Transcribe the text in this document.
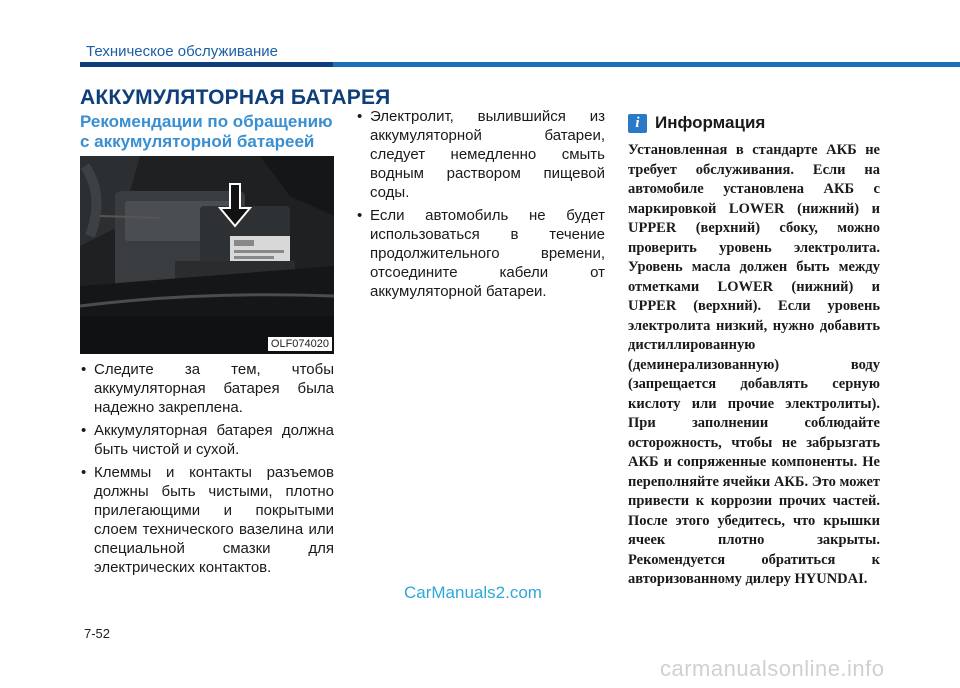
Техническое обслуживание
АККУМУЛЯТОРНАЯ БАТАРЕЯ
Рекомендации по обращению
с аккумуляторной батареей
OLF074020
• Следите за тем, чтобы аккумуляторная батарея была надежно закреплена.
• Аккумуляторная батарея должна быть чистой и сухой.
• Клеммы и контакты разъемов должны быть чистыми, плотно прилегающими и покрытыми слоем технического вазелина или специальной смазки для электрических контактов.
• Электролит, вылившийся из аккумуляторной батареи, следует немедленно смыть водным раствором пищевой соды.
• Если автомобиль не будет использоваться в течение продолжительного времени, отсоедините кабели от аккумуляторной батареи.
i Информация

Установленная в стандарте АКБ не требует обслуживания. Если на автомобиле установлена АКБ с маркировкой LOWER (нижний) и UPPER (верхний) сбоку, можно проверить уровень электролита. Уровень масла должен быть между отметками LOWER (нижний) и UPPER (верхний). Если уровень электролита низкий, нужно добавить дистиллированную (деминерализованную) воду (запрещается добавлять серную кислоту или прочие электролиты). При заполнении соблюдайте осторожность, чтобы не забрызгать АКБ и сопряженные компоненты. Не переполняйте ячейки АКБ. Это может привести к коррозии прочих частей. После этого убедитесь, что крышки ячеек плотно закрыты. Рекомендуется обратиться к авторизованному дилеру HYUNDAI.

CarManuals2.com
7-52
carmanualsonline.info
